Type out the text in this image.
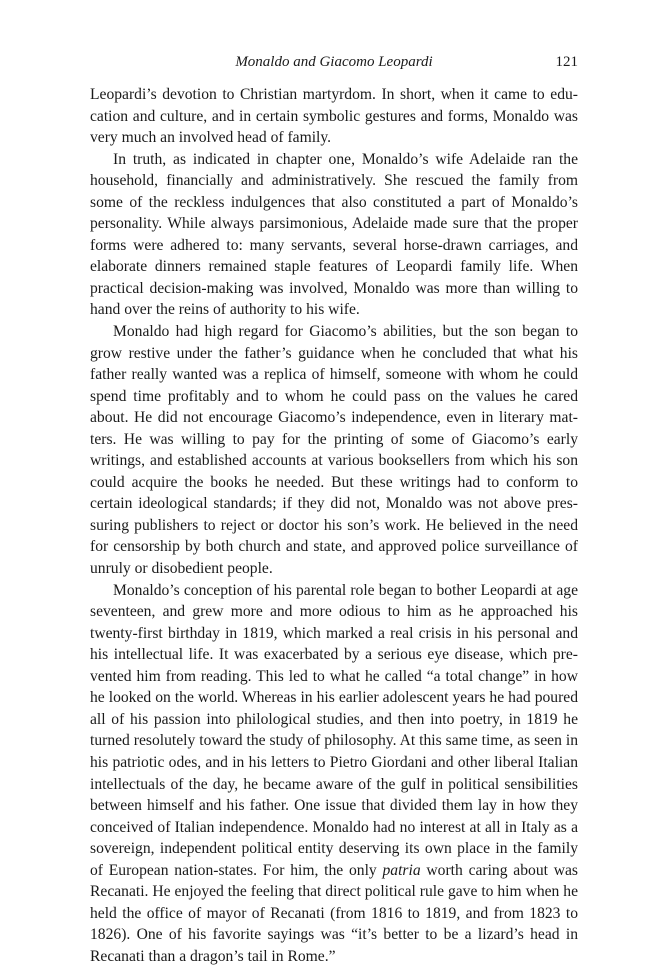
Monaldo and Giacomo Leopardi	121

Leopardi’s devotion to Christian martyrdom. In short, when it came to education and culture, and in certain symbolic gestures and forms, Monaldo was very much an involved head of family.

In truth, as indicated in chapter one, Monaldo’s wife Adelaide ran the household, financially and administratively. She rescued the family from some of the reckless indulgences that also constituted a part of Monaldo’s personality. While always parsimonious, Adelaide made sure that the proper forms were adhered to: many servants, several horse-drawn carriages, and elaborate dinners remained staple features of Leopardi family life. When practical decision-making was involved, Monaldo was more than willing to hand over the reins of authority to his wife.

Monaldo had high regard for Giacomo’s abilities, but the son began to grow restive under the father’s guidance when he concluded that what his father really wanted was a replica of himself, someone with whom he could spend time profitably and to whom he could pass on the values he cared about. He did not encourage Giacomo’s independence, even in literary matters. He was willing to pay for the printing of some of Giacomo’s early writings, and established accounts at various booksellers from which his son could acquire the books he needed. But these writings had to conform to certain ideological standards; if they did not, Monaldo was not above pressuring publishers to reject or doctor his son’s work. He believed in the need for censorship by both church and state, and approved police surveillance of unruly or disobedient people.

Monaldo’s conception of his parental role began to bother Leopardi at age seventeen, and grew more and more odious to him as he approached his twenty-first birthday in 1819, which marked a real crisis in his personal and his intellectual life. It was exacerbated by a serious eye disease, which prevented him from reading. This led to what he called “a total change” in how he looked on the world. Whereas in his earlier adolescent years he had poured all of his passion into philological studies, and then into poetry, in 1819 he turned resolutely toward the study of philosophy. At this same time, as seen in his patriotic odes, and in his letters to Pietro Giordani and other liberal Italian intellectuals of the day, he became aware of the gulf in political sensibilities between himself and his father. One issue that divided them lay in how they conceived of Italian independence. Monaldo had no interest at all in Italy as a sovereign, independent political entity deserving its own place in the family of European nation-states. For him, the only patria worth caring about was Recanati. He enjoyed the feeling that direct political rule gave to him when he held the office of mayor of Recanati (from 1816 to 1819, and from 1823 to 1826). One of his favorite sayings was “it’s better to be a lizard’s head in Recanati than a dragon’s tail in Rome.”
